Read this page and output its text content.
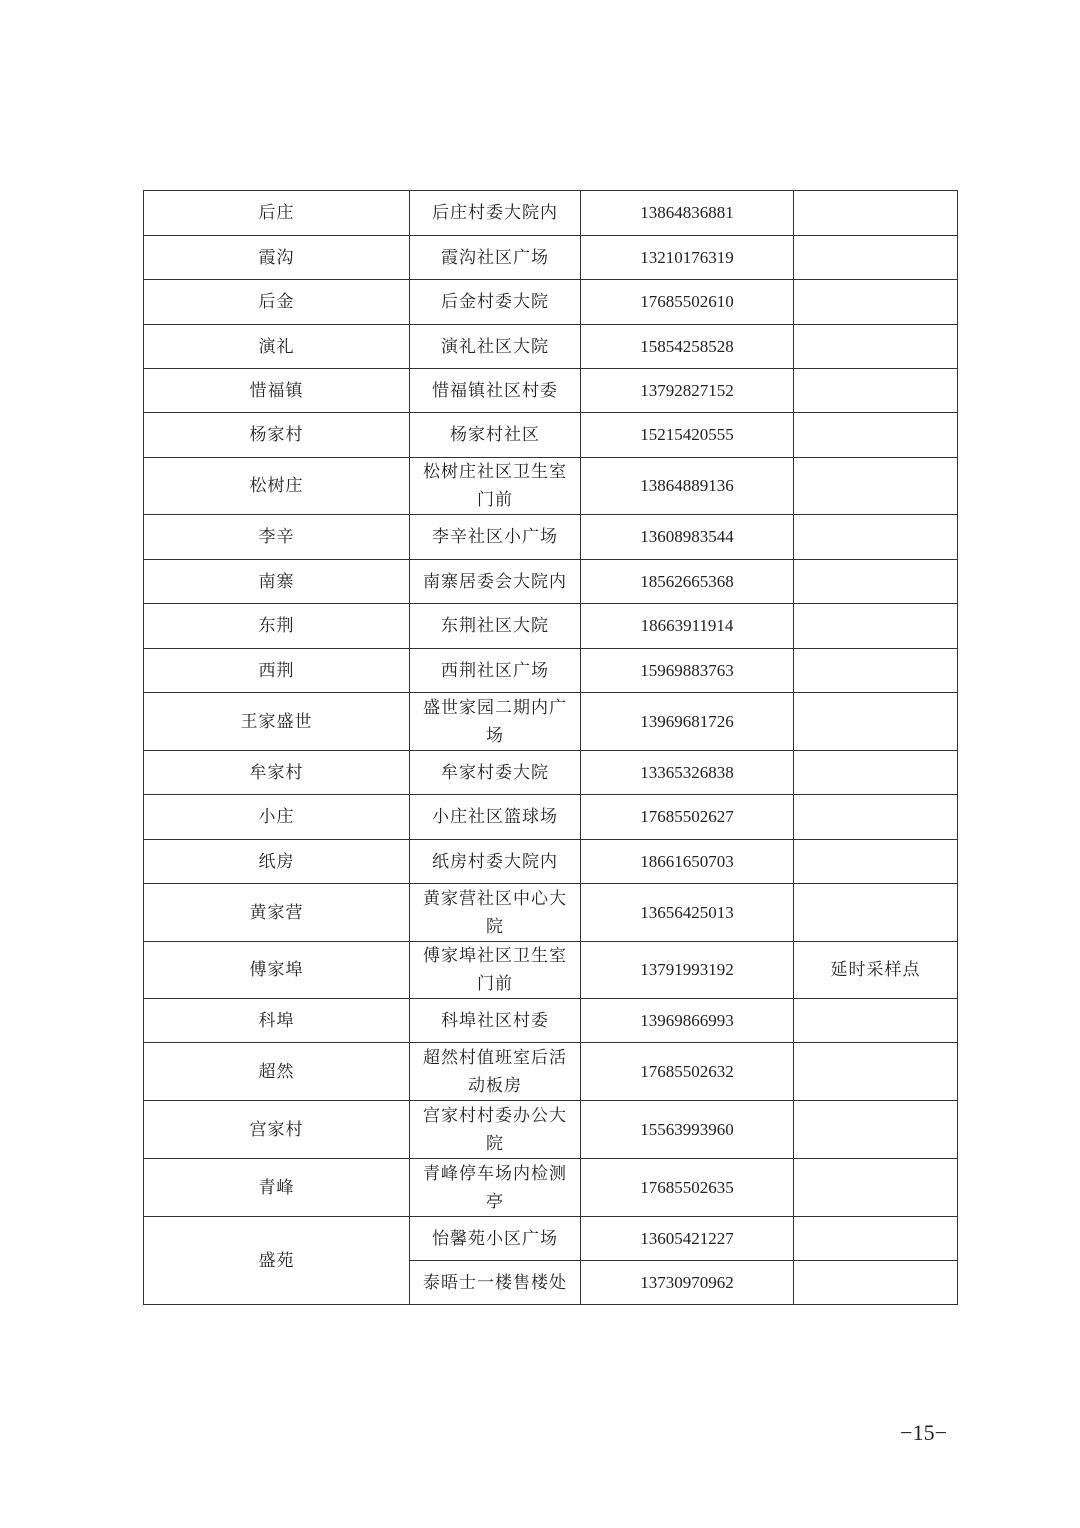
后庄	后庄村委大院内	13864836881	
霞沟	霞沟社区广场	13210176319	
后金	后金村委大院	17685502610	
演礼	演礼社区大院	15854258528	
惜福镇	惜福镇社区村委	13792827152	
杨家村	杨家村社区	15215420555	
松树庄	松树庄社区卫生室门前	13864889136	
李辛	李辛社区小广场	13608983544	
南寨	南寨居委会大院内	18562665368	
东荆	东荆社区大院	18663911914	
西荆	西荆社区广场	15969883763	
王家盛世	盛世家园二期内广场	13969681726	
牟家村	牟家村委大院	13365326838	
小庄	小庄社区篮球场	17685502627	
纸房	纸房村委大院内	18661650703	
黄家营	黄家营社区中心大院	13656425013	
傅家埠	傅家埠社区卫生室门前	13791993192	延时采样点
科埠	科埠社区村委	13969866993	
超然	超然村值班室后活动板房	17685502632	
宫家村	宫家村村委办公大院	15563993960	
青峰	青峰停车场内检测亭	17685502635	
盛苑	怡馨苑小区广场	13605421227	
	泰晤士一楼售楼处	13730970962	
−15−
